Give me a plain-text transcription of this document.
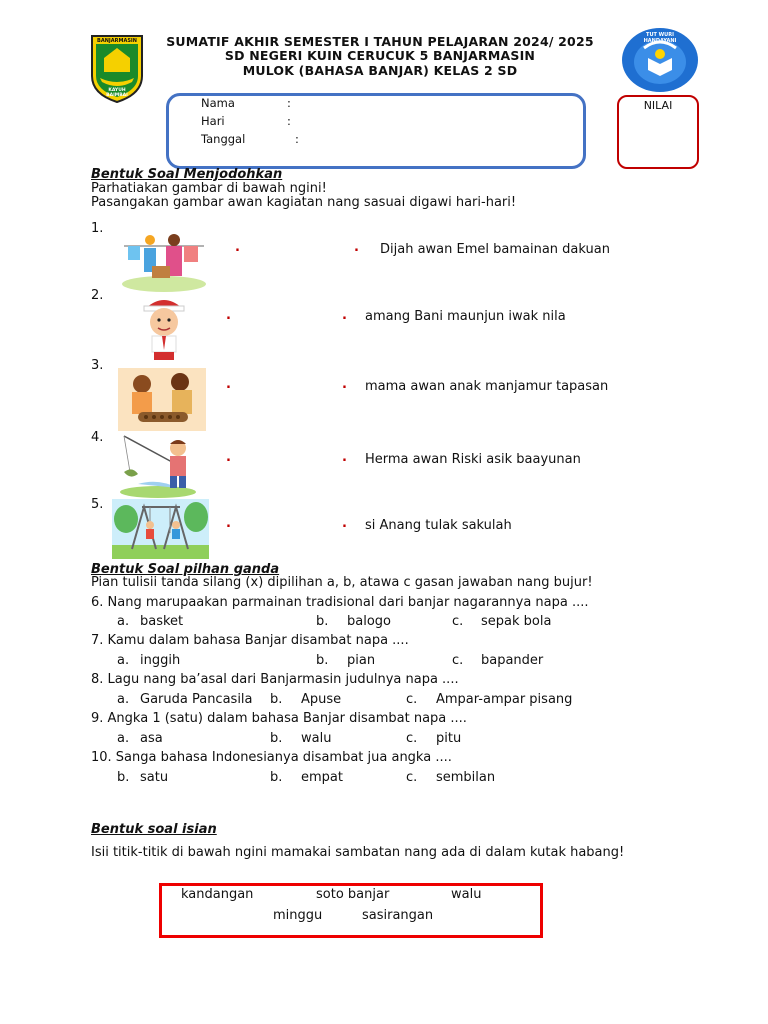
BANJARMASIN
KAYUH BAIMBAI
TUT WURI HANDAYANI
SUMATIF AKHIR SEMESTER I TAHUN PELAJARAN 2024/ 2025
SD NEGERI KUIN CERUCUK 5 BANJARMASIN
MULOK (BAHASA BANJAR) KELAS 2 SD
Nama	:
Hari	:
Tanggal	:
NILAI
Bentuk Soal Menjodohkan
Parhatiakan gambar di bawah ngini!
Pasangakan gambar awan kagiatan nang sasuai digawi hari-hari!
1.
.	. Dijah awan Emel bamainan dakuan
2.
.	. amang Bani maunjun iwak nila
3.
.	. mama awan anak manjamur tapasan
4.
.	. Herma awan Riski asik baayunan
5.
.	. si Anang tulak sakulah
Bentuk Soal pilhan ganda
Pian tulisii tanda silang (x) dipilihan a, b, atawa c gasan jawaban nang bujur!
6. Nang marupaakan parmainan tradisional dari banjar nagarannya napa ....
a. basket	b. balogo	c. sepak bola
7. Kamu dalam bahasa Banjar disambat napa ....
a. inggih	b. pian	c. bapander
8. Lagu nang ba’asal dari Banjarmasin judulnya napa ....
a. Garuda Pancasila b. Apuse	c. Ampar-ampar pisang
9. Angka 1 (satu) dalam bahasa Banjar disambat napa ....
a. asa	b. walu	c. pitu
10. Sanga bahasa Indonesianya disambat jua angka ....
b. satu	b. empat	c. sembilan
Bentuk soal isian
Isii titik-titik di bawah ngini mamakai sambatan nang ada di dalam kutak habang!
kandangan	soto banjar	walu
minggu	sasirangan
